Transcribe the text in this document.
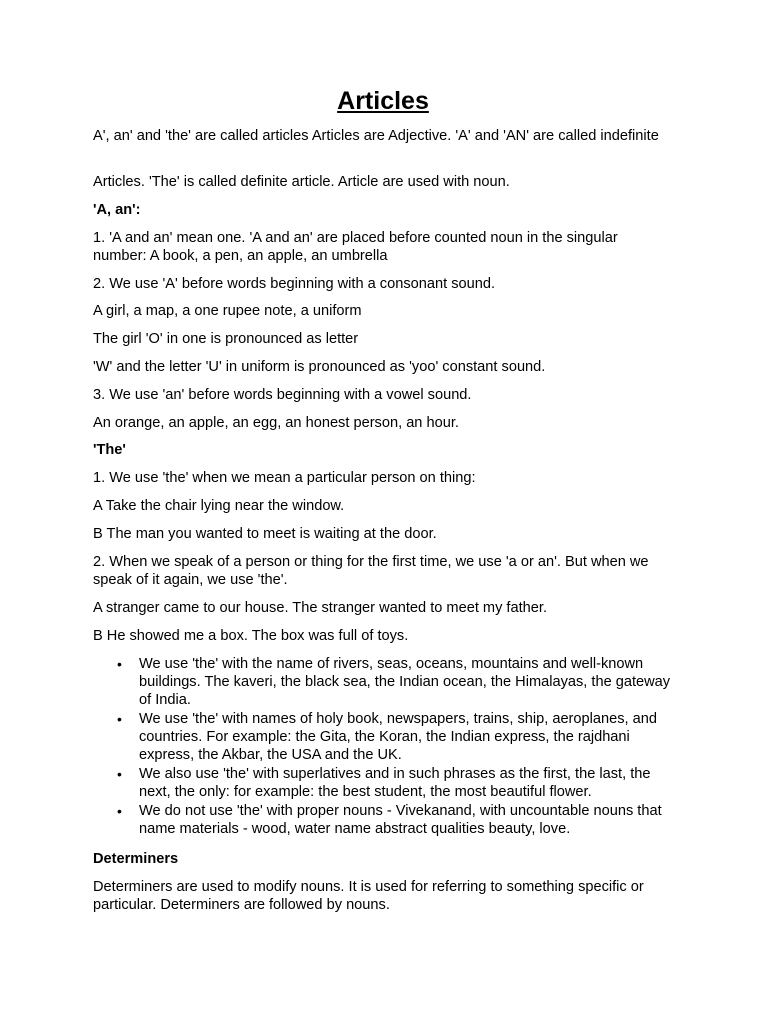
Articles

A', an' and 'the' are called articles Articles are Adjective. 'A' and 'AN' are called indefinite

Articles. 'The' is called definite article. Article are used with noun.

'A, an':

1. 'A and an' mean one. 'A and an' are placed before counted noun in the singular number: A book, a pen, an apple, an umbrella

2. We use 'A' before words beginning with a consonant sound.

A girl, a map, a one rupee note, a uniform

The girl 'O' in one is pronounced as letter

'W' and the letter 'U' in uniform is pronounced as 'yoo' constant sound.

3. We use 'an' before words beginning with a vowel sound.

An orange, an apple, an egg, an honest person, an hour.

'The'

1. We use 'the' when we mean a particular person on thing:

A Take the chair lying near the window.

B The man you wanted to meet is waiting at the door.

2. When we speak of a person or thing for the first time, we use 'a or an'. But when we speak of it again, we use 'the'.

A stranger came to our house. The stranger wanted to meet my father.

B He showed me a box. The box was full of toys.

• We use 'the' with the name of rivers, seas, oceans, mountains and well-known buildings. The kaveri, the black sea, the Indian ocean, the Himalayas, the gateway of India.
• We use 'the' with names of holy book, newspapers, trains, ship, aeroplanes, and countries. For example: the Gita, the Koran, the Indian express, the rajdhani express, the Akbar, the USA and the UK.
• We also use 'the' with superlatives and in such phrases as the first, the last, the next, the only: for example: the best student, the most beautiful flower.
• We do not use 'the' with proper nouns - Vivekanand, with uncountable nouns that name materials - wood, water name abstract qualities beauty, love.

Determiners

Determiners are used to modify nouns. It is used for referring to something specific or particular. Determiners are followed by nouns.
